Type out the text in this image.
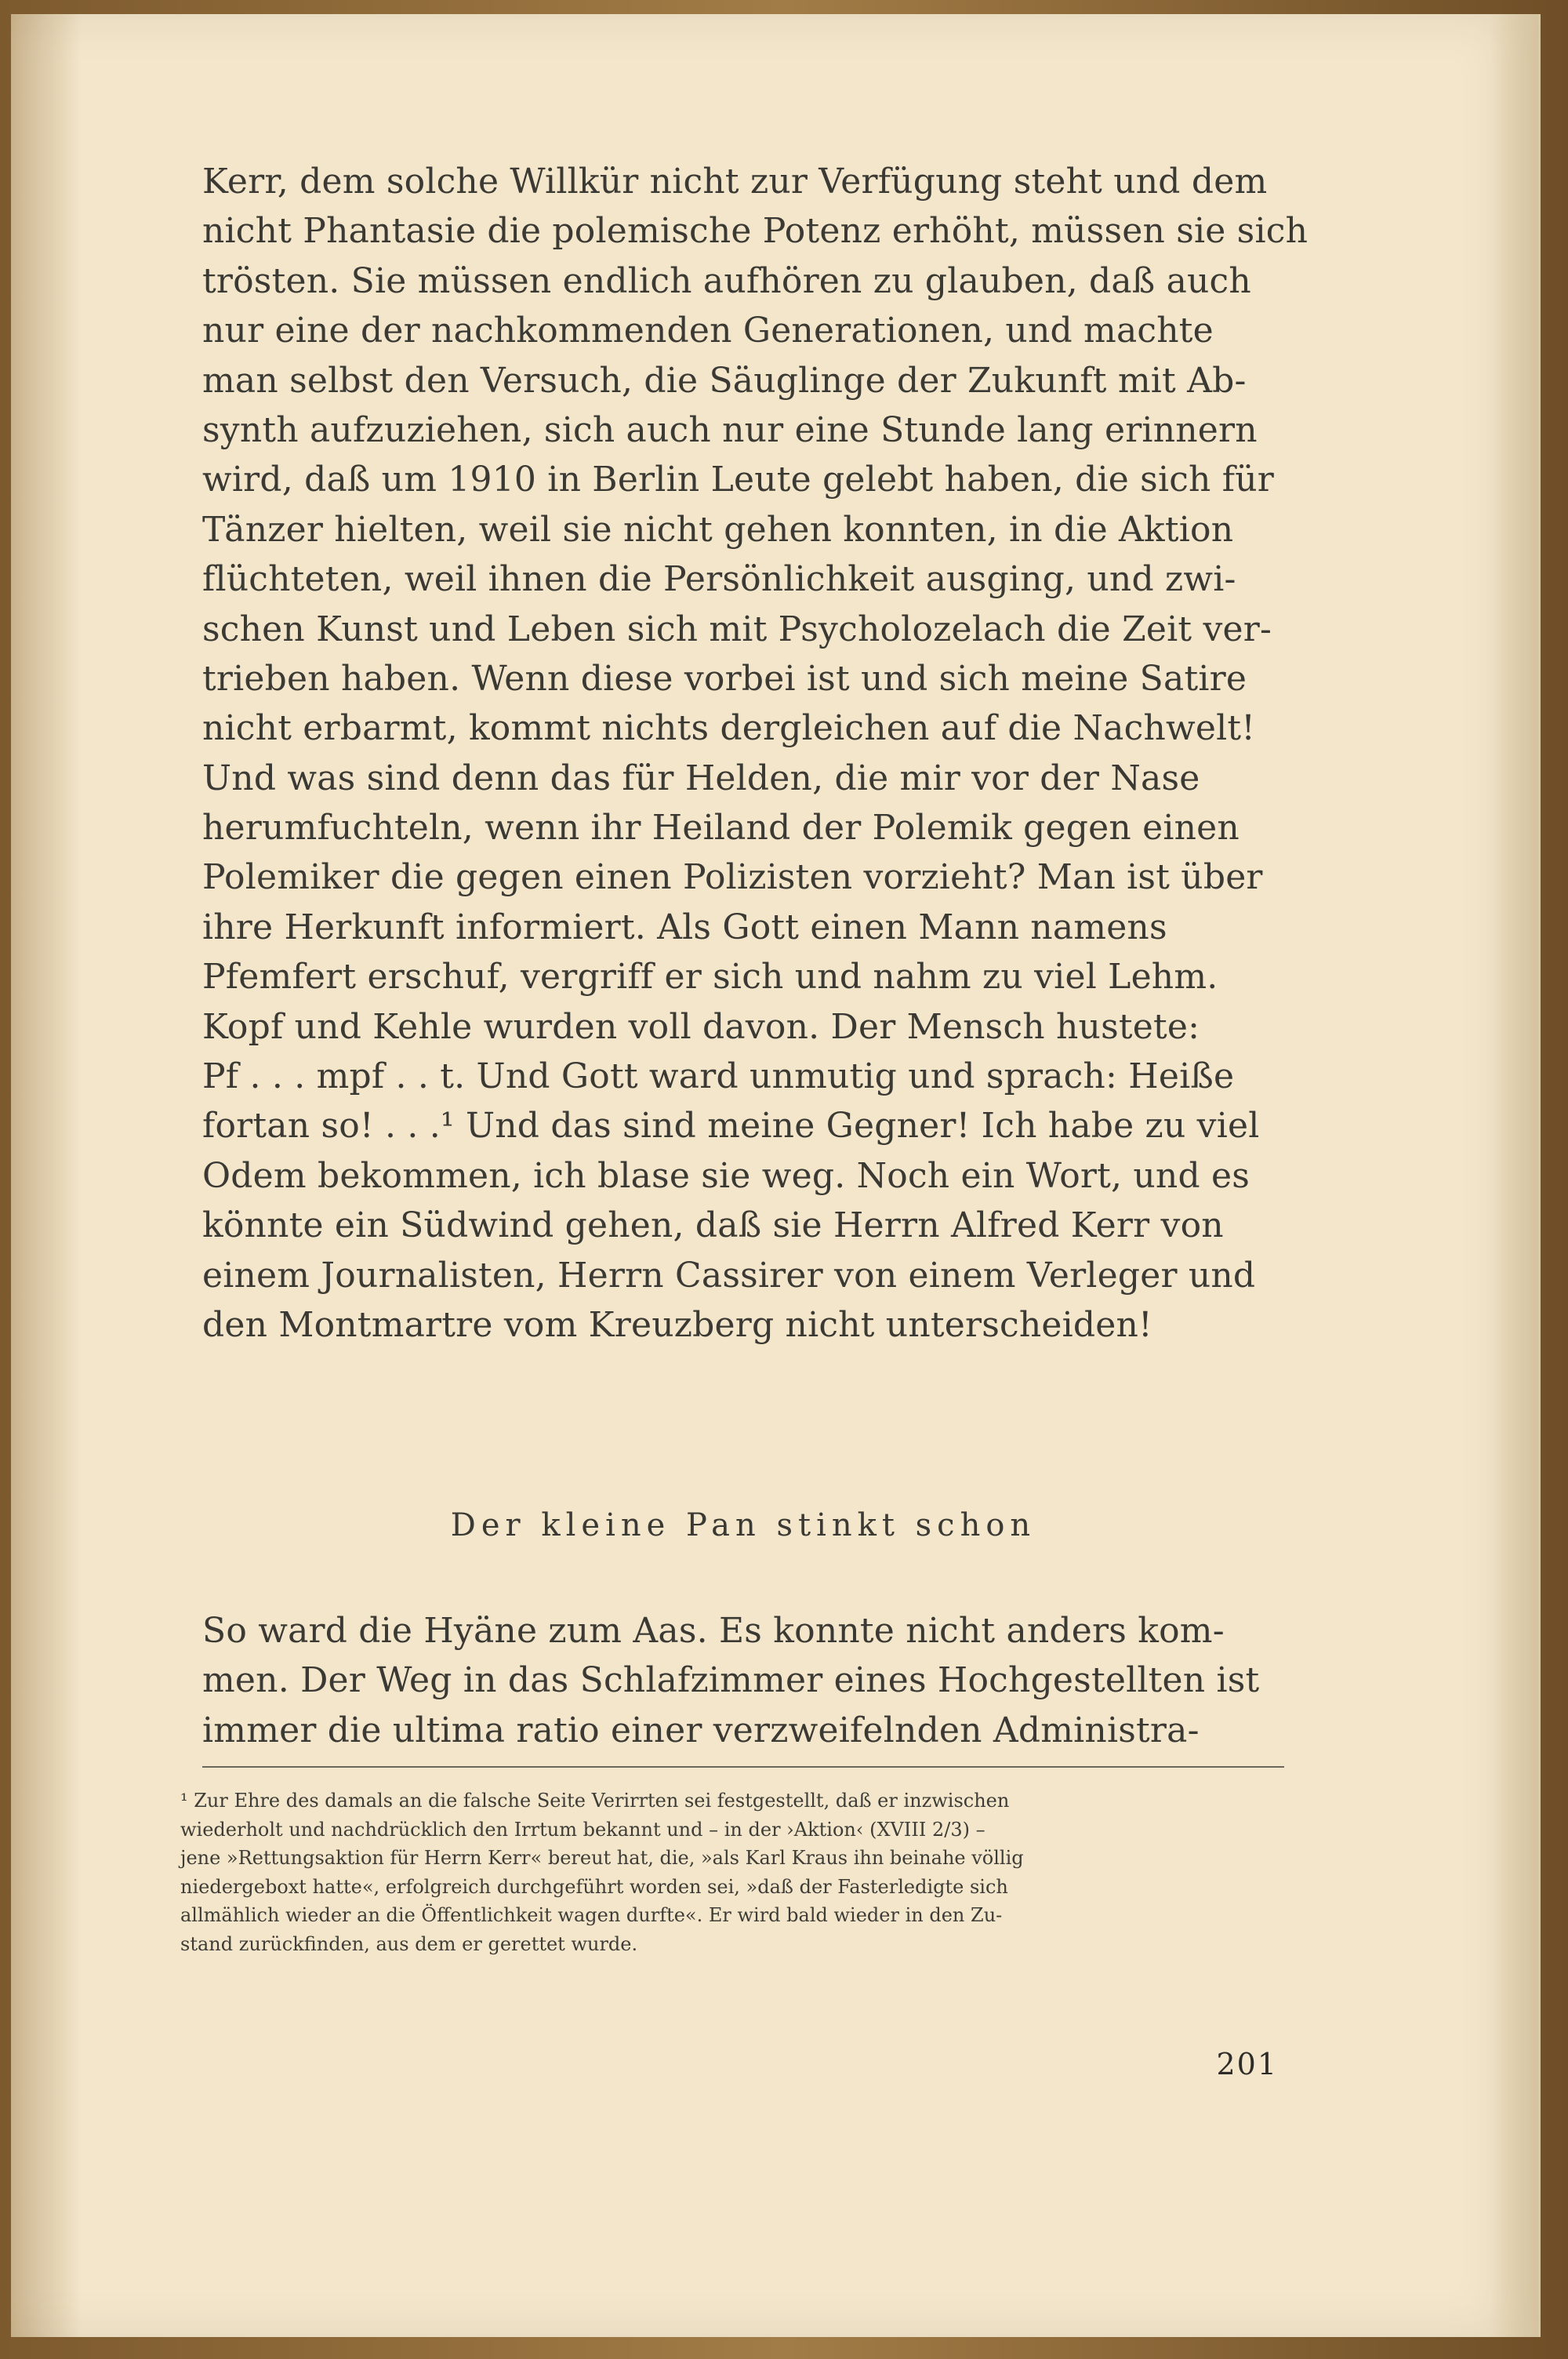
Kerr, dem solche Willkür nicht zur Verfügung steht und dem
nicht Phantasie die polemische Potenz erhöht, müssen sie sich
trösten. Sie müssen endlich aufhören zu glauben, daß auch
nur eine der nachkommenden Generationen, und machte
man selbst den Versuch, die Säuglinge der Zukunft mit Ab-
synth aufzuziehen, sich auch nur eine Stunde lang erinnern
wird, daß um 1910 in Berlin Leute gelebt haben, die sich für
Tänzer hielten, weil sie nicht gehen konnten, in die Aktion
flüchteten, weil ihnen die Persönlichkeit ausging, und zwi-
schen Kunst und Leben sich mit Psycholozelach die Zeit ver-
trieben haben. Wenn diese vorbei ist und sich meine Satire
nicht erbarmt, kommt nichts dergleichen auf die Nachwelt!
Und was sind denn das für Helden, die mir vor der Nase
herumfuchteln, wenn ihr Heiland der Polemik gegen einen
Polemiker die gegen einen Polizisten vorzieht? Man ist über
ihre Herkunft informiert. Als Gott einen Mann namens
Pfemfert erschuf, vergriff er sich und nahm zu viel Lehm.
Kopf und Kehle wurden voll davon. Der Mensch hustete:
Pf . . . mpf . . t. Und Gott ward unmutig und sprach: Heiße
fortan so! . . .¹ Und das sind meine Gegner! Ich habe zu viel
Odem bekommen, ich blase sie weg. Noch ein Wort, und es
könnte ein Südwind gehen, daß sie Herrn Alfred Kerr von
einem Journalisten, Herrn Cassirer von einem Verleger und
den Montmartre vom Kreuzberg nicht unterscheiden!
Der kleine Pan stinkt schon
So ward die Hyäne zum Aas. Es konnte nicht anders kom-
men. Der Weg in das Schlafzimmer eines Hochgestellten ist
immer die ultima ratio einer verzweifelnden Administra-
¹ Zur Ehre des damals an die falsche Seite Verirrten sei festgestellt, daß er inzwischen
wiederholt und nachdrücklich den Irrtum bekannt und – in der ›Aktion‹ (XVIII 2/3) –
jene »Rettungsaktion für Herrn Kerr« bereut hat, die, »als Karl Kraus ihn beinahe völlig
niedergeboxt hatte«, erfolgreich durchgeführt worden sei, »daß der Fasterledigte sich
allmählich wieder an die Öffentlichkeit wagen durfte«. Er wird bald wieder in den Zu-
stand zurückfinden, aus dem er gerettet wurde.
201
